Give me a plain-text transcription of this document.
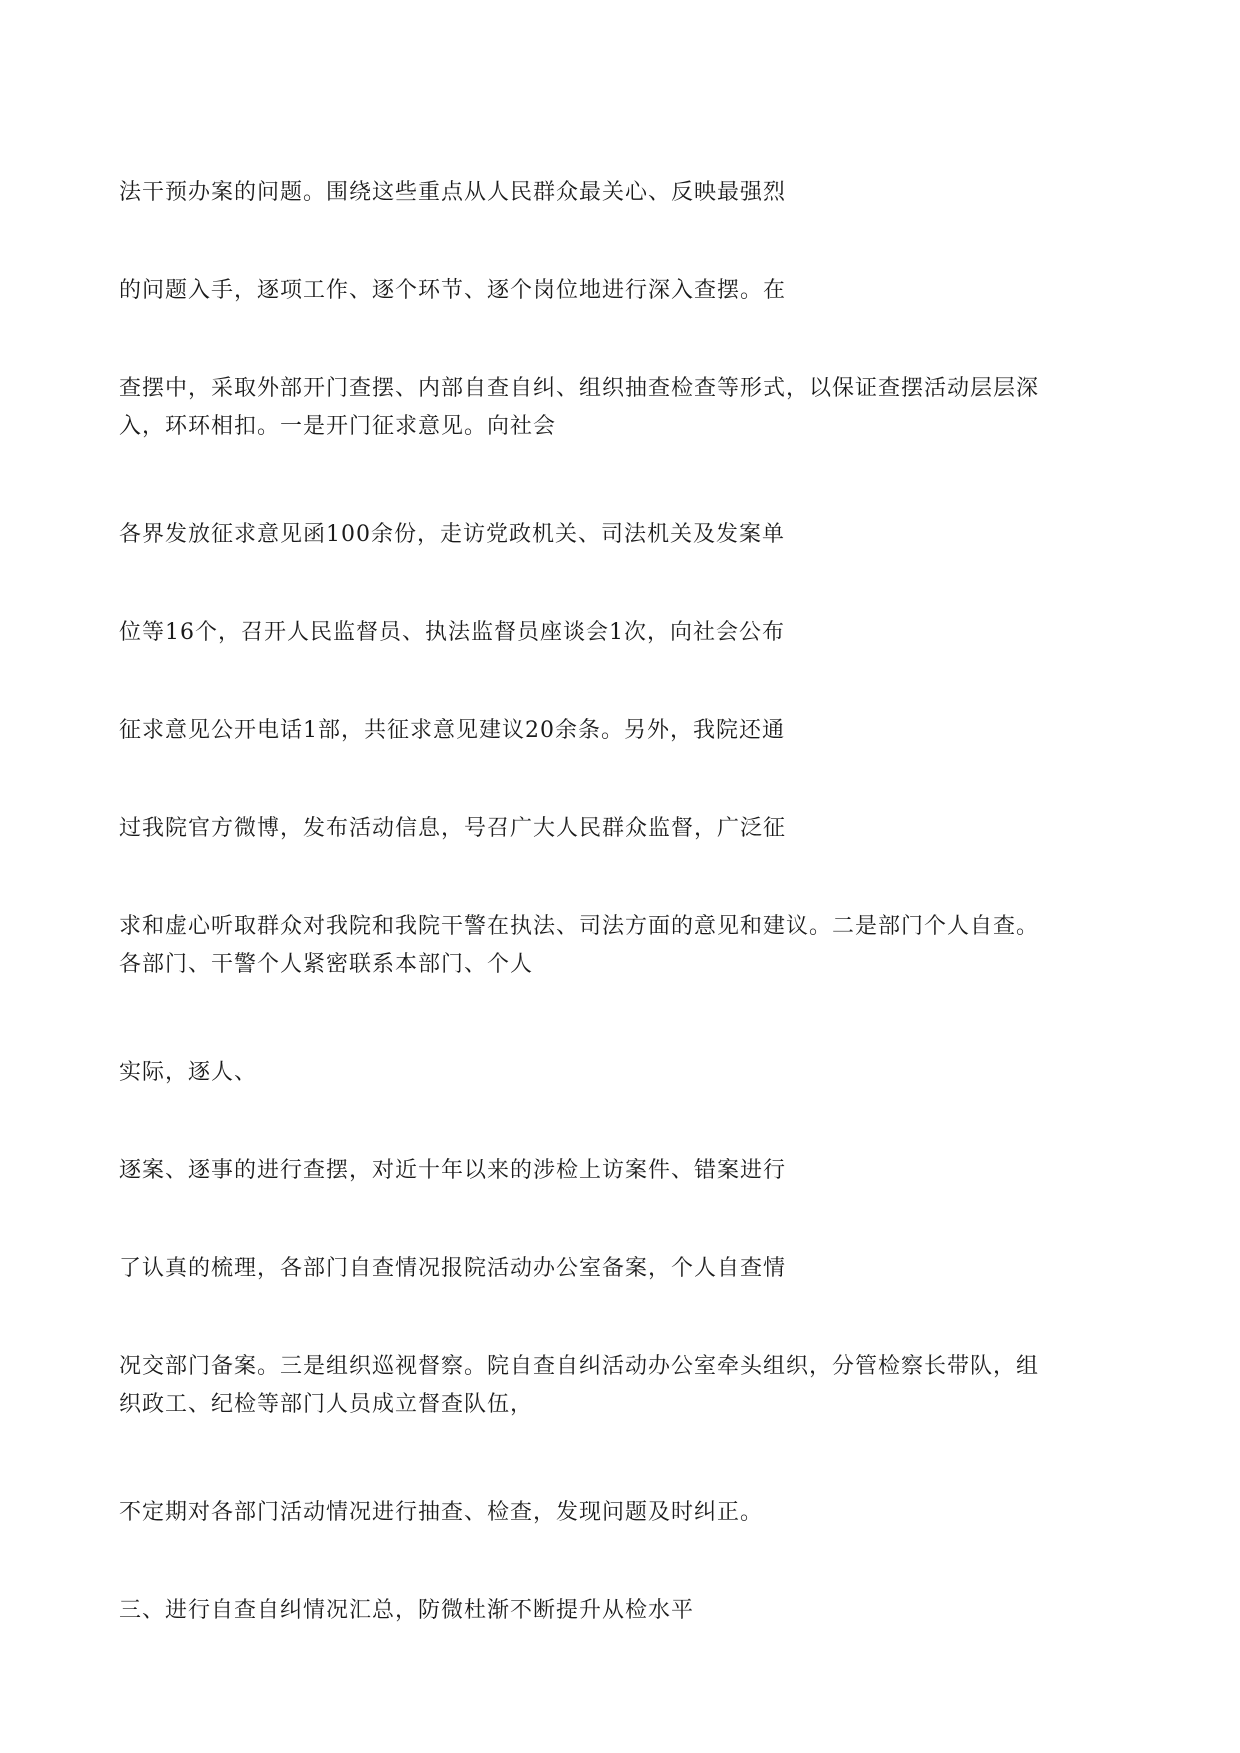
法干预办案的问题。围绕这些重点从人民群众最关心、反映最强烈

的问题入手，逐项工作、逐个环节、逐个岗位地进行深入查摆。在

查摆中，采取外部开门查摆、内部自查自纠、组织抽查检查等形式，以保证查摆活动层层深

入，环环相扣。一是开门征求意见。向社会

各界发放征求意见函100余份，走访党政机关、司法机关及发案单

位等16个，召开人民监督员、执法监督员座谈会1次，向社会公布

征求意见公开电话1部，共征求意见建议20余条。另外，我院还通

过我院官方微博，发布活动信息，号召广大人民群众监督，广泛征

求和虚心听取群众对我院和我院干警在执法、司法方面的意见和建议。二是部门个人自查。

各部门、干警个人紧密联系本部门、个人

实际，逐人、

逐案、逐事的进行查摆，对近十年以来的涉检上访案件、错案进行

了认真的梳理，各部门自查情况报院活动办公室备案，个人自查情

况交部门备案。三是组织巡视督察。院自查自纠活动办公室牵头组织，分管检察长带队，组

织政工、纪检等部门人员成立督查队伍，

不定期对各部门活动情况进行抽查、检查，发现问题及时纠正。

三、进行自查自纠情况汇总，防微杜渐不断提升从检水平
